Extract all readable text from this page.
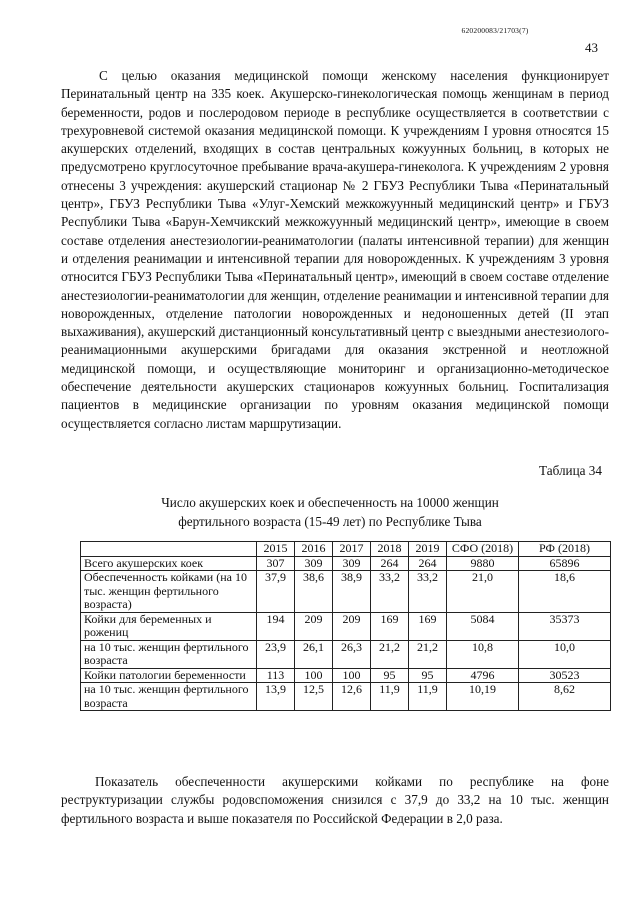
620200083/21703(7)
43

С целью оказания медицинской помощи женскому населения функционирует Перинатальный центр на 335 коек. Акушерско-гинекологическая помощь женщинам в период беременности, родов и послеродовом периоде в республике осуществляется в соответствии с трехуровневой системой оказания медицинской помощи. К учреждениям I уровня относятся 15 акушерских отделений, входящих в состав центральных кожуунных больниц, в которых не предусмотрено круглосуточное пребывание врача-акушера-гинеколога. К учреждениям 2 уровня отнесены 3 учреждения: акушерский стационар № 2 ГБУЗ Республики Тыва «Перинатальный центр», ГБУЗ Республики Тыва «Улуг-Хемский межкожуунный медицинский центр» и ГБУЗ Республики Тыва «Барун-Хемчикский межкожуунный медицинский центр», имеющие в своем составе отделения анестезиологии-реаниматологии (палаты интенсивной терапии) для женщин и отделения реанимации и интенсивной терапии для новорожденных. К учреждениям 3 уровня относится ГБУЗ Республики Тыва «Перинатальный центр», имеющий в своем составе отделение анестезиологии-реаниматологии для женщин, отделение реанимации и интенсивной терапии для новорожденных, отделение патологии новорожденных и недоношенных детей (II этап выхаживания), акушерский дистанционный консультативный центр с выездными анестезиолого-реанимационными акушерскими бригадами для оказания экстренной и неотложной медицинской помощи, и осуществляющие мониторинг и организационно-методическое обеспечение деятельности акушерских стационаров кожуунных больниц. Госпитализация пациентов в медицинские организации по уровням оказания медицинской помощи осуществляется согласно листам маршрутизации.

Таблица 34
Число акушерских коек и обеспеченность на 10000 женщин
фертильного возраста (15-49 лет) по Республике Тыва
	2015	2016	2017	2018	2019	СФО (2018)	РФ (2018)
Всего акушерских коек	307	309	309	264	264	9880	65896
Обеспеченность койками (на 10 тыс. женщин фертильного возраста)	37,9	38,6	38,9	33,2	33,2	21,0	18,6
Койки для беременных и рожениц	194	209	209	169	169	5084	35373
на 10 тыс. женщин фертильного возраста	23,9	26,1	26,3	21,2	21,2	10,8	10,0
Койки патологии беременности	113	100	100	95	95	4796	30523
на 10 тыс. женщин фертильного возраста	13,9	12,5	12,6	11,9	11,9	10,19	8,62

Показатель обеспеченности акушерскими койками по республике на фоне реструктуризации службы родовспоможения снизился с 37,9 до 33,2 на 10 тыс. женщин фертильного возраста и выше показателя по Российской Федерации в 2,0 раза.
